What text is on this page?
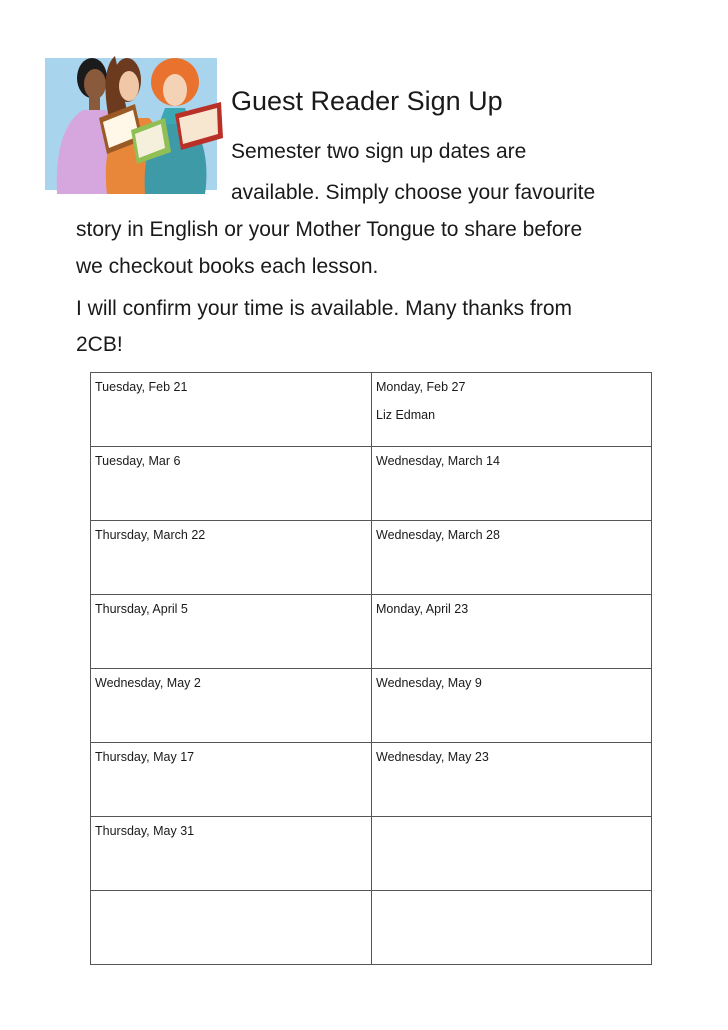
Guest Reader Sign Up
Semester two sign up dates are
available. Simply choose your favourite
story in English or your Mother Tongue to share before
we checkout books each lesson.
I will confirm your time is available. Many thanks from
2CB!
Tuesday, Feb 21	Monday, Feb 27
Liz Edman

Tuesday, Mar 6	Wednesday, March 14
Thursday, March 22	Wednesday, March 28
Thursday, April 5	Monday, April 23
Wednesday, May 2	Wednesday, May 9
Thursday, May 17	Wednesday, May 23
Thursday, May 31	
